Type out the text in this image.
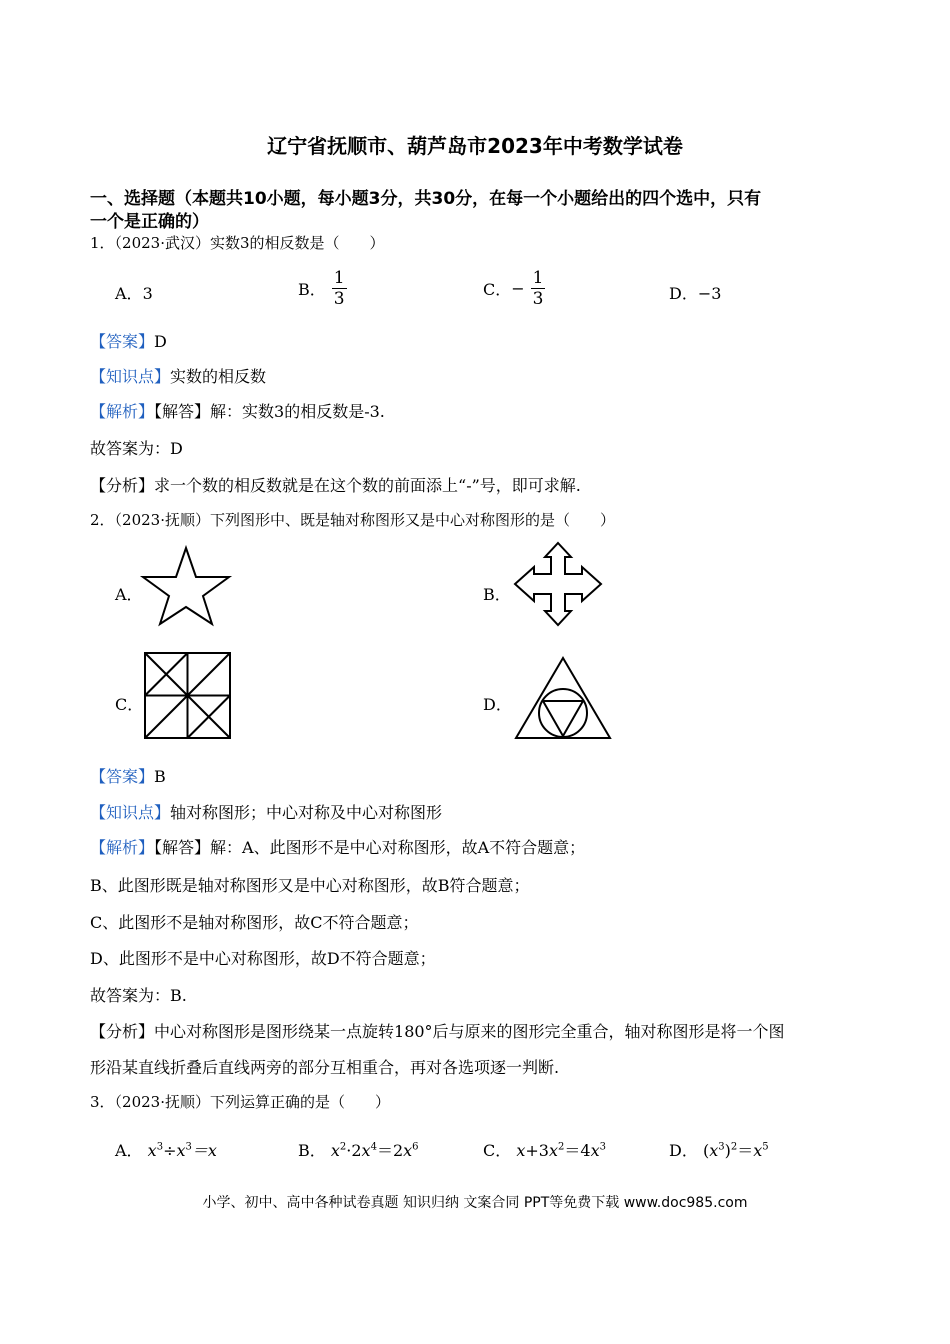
辽宁省抚顺市、葫芦岛市2023年中考数学试卷
一、选择题（本题共10小题，每小题3分，共30分，在每一个小题给出的四个选中，只有
一个是正确的）
1．（2023·武汉）实数3的相反数是（　　）
A．3	B． $\frac{1}{3}$	C．− $\frac{1}{3}$	D．−3
【答案】D
【知识点】实数的相反数
【解析】【解答】解：实数3的相反数是-3.
故答案为：D
【分析】求一个数的相反数就是在这个数的前面添上“-”号，即可求解.
2．（2023·抚顺）下列图形中、既是轴对称图形又是中心对称图形的是（　　）
A．	B．
C．	D．
【答案】B
【知识点】轴对称图形；中心对称及中心对称图形
【解析】【解答】解：A、此图形不是中心对称图形，故A不符合题意；
B、此图形既是轴对称图形又是中心对称图形，故B符合题意；
C、此图形不是轴对称图形，故C不符合题意；
D、此图形不是中心对称图形，故D不符合题意；
故答案为：B.
【分析】中心对称图形是图形绕某一点旋转180°后与原来的图形完全重合，轴对称图形是将一个图
形沿某直线折叠后直线两旁的部分互相重合，再对各选项逐一判断.
3．（2023·抚顺）下列运算正确的是（　　）
A． $x^3\div x^3=x$	B． $x^2\cdot 2x^4=2x^6$	C． $x+3x^2=4x^3$	D． $(x^3)^2=x^5$
小学、初中、高中各种试卷真题 知识归纳 文案合同 PPT等免费下载 www.doc985.com
